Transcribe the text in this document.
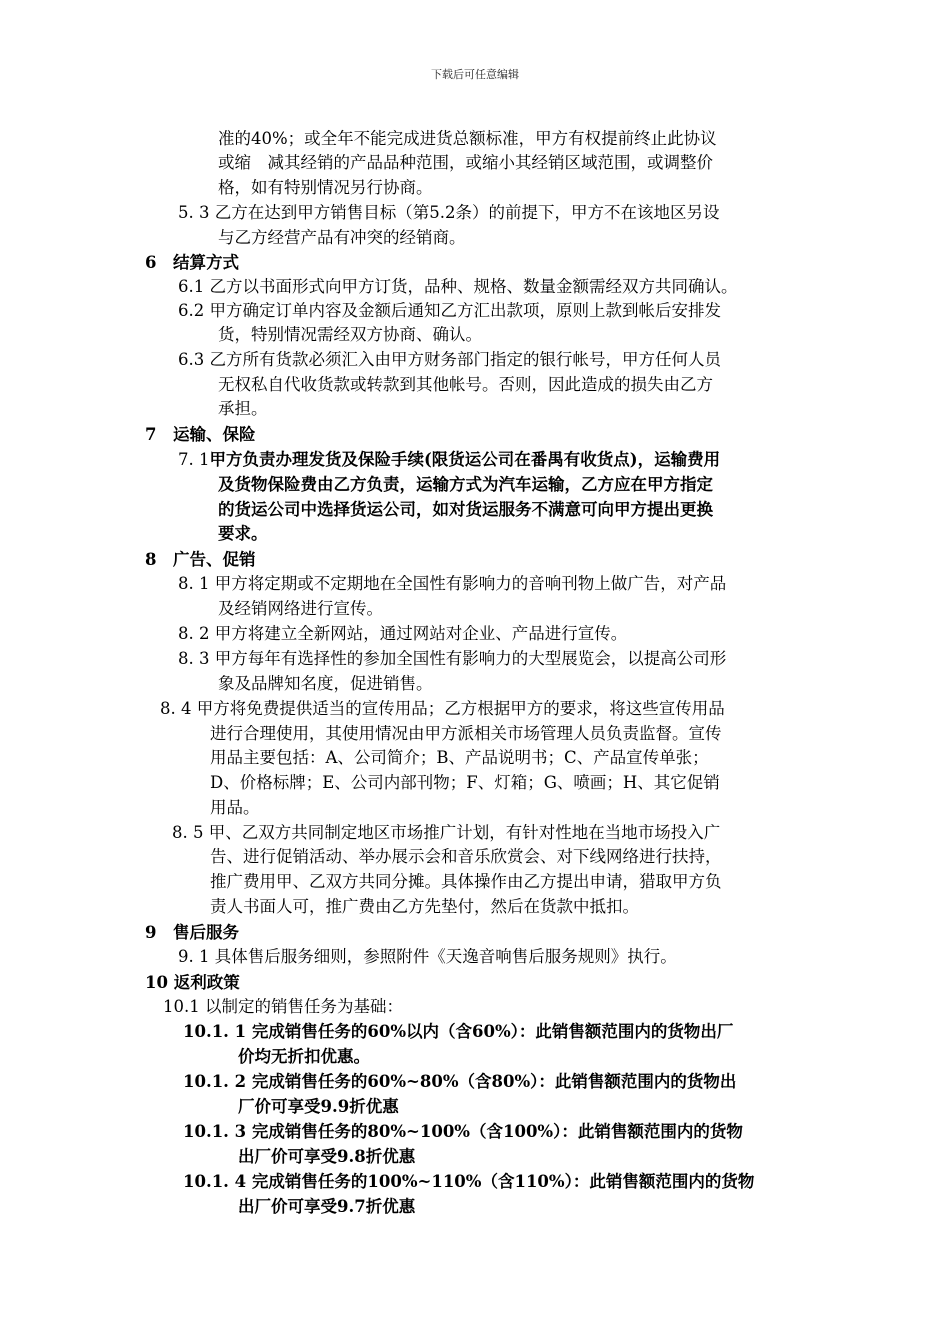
下载后可任意编辑
准的40%；或全年不能完成进货总额标准，甲方有权提前终止此协议
或缩　减其经销的产品品种范围，或缩小其经销区域范围，或调整价
格，如有特别情况另行协商。
5. 3 乙方在达到甲方销售目标（第5.2条）的前提下，甲方不在该地区另设
与乙方经营产品有冲突的经销商。
6　结算方式
6.1 乙方以书面形式向甲方订货，品种、规格、数量金额需经双方共同确认。
6.2 甲方确定订单内容及金额后通知乙方汇出款项，原则上款到帐后安排发
货，特别情况需经双方协商、确认。
6.3 乙方所有货款必须汇入由甲方财务部门指定的银行帐号，甲方任何人员
无权私自代收货款或转款到其他帐号。否则，因此造成的损失由乙方
承担。
7　运输、保险
7. 1甲方负责办理发货及保险手续(限货运公司在番禺有收货点)，运输费用
及货物保险费由乙方负责，运输方式为汽车运输，乙方应在甲方指定
的货运公司中选择货运公司，如对货运服务不满意可向甲方提出更换
要求。
8　广告、促销
8. 1 甲方将定期或不定期地在全国性有影响力的音响刊物上做广告，对产品
及经销网络进行宣传。
8. 2 甲方将建立全新网站，通过网站对企业、产品进行宣传。
8. 3 甲方每年有选择性的参加全国性有影响力的大型展览会，以提高公司形
象及品牌知名度，促进销售。
8. 4 甲方将免费提供适当的宣传用品；乙方根据甲方的要求，将这些宣传用品
进行合理使用，其使用情况由甲方派相关市场管理人员负责监督。宣传
用品主要包括：A、公司简介；B、产品说明书；C、产品宣传单张；
D、价格标牌；E、公司内部刊物；F、灯箱；G、喷画；H、其它促销
用品。
8. 5 甲、乙双方共同制定地区市场推广计划，有针对性地在当地市场投入广
告、进行促销活动、举办展示会和音乐欣赏会、对下线网络进行扶持，
推广费用甲、乙双方共同分摊。具体操作由乙方提出申请，猎取甲方负
责人书面人可，推广费由乙方先垫付，然后在货款中抵扣。
9　售后服务
9. 1 具体售后服务细则，参照附件《天逸音响售后服务规则》执行。
10 返利政策
10.1 以制定的销售任务为基础：
10.1. 1 完成销售任务的60%以内（含60%）：此销售额范围内的货物出厂
价均无折扣优惠。
10.1. 2 完成销售任务的60%~80%（含80%）：此销售额范围内的货物出
厂价可享受9.9折优惠
10.1. 3 完成销售任务的80%~100%（含100%）：此销售额范围内的货物
出厂价可享受9.8折优惠
10.1. 4 完成销售任务的100%~110%（含110%）：此销售额范围内的货物
出厂价可享受9.7折优惠
